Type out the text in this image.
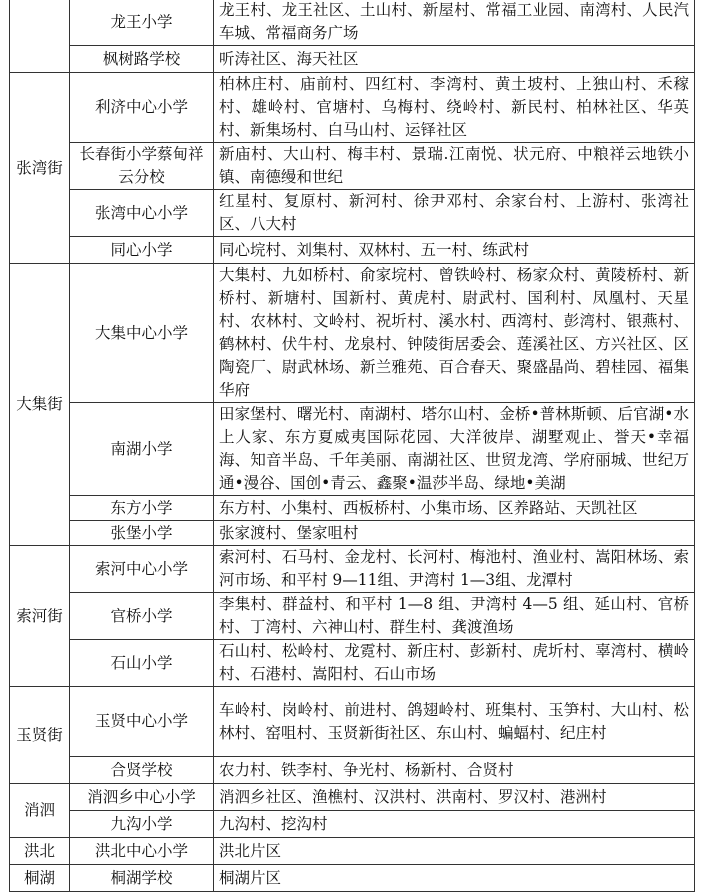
	龙王小学	龙王村、龙王社区、土山村、新屋村、常福工业园、南湾村、人民汽车城、常福商务广场
	枫树路学校	听涛社区、海天社区
张湾街	利济中心小学	柏林庄村、庙前村、四红村、李湾村、黄土坡村、上独山村、禾稼村、雄岭村、官塘村、乌梅村、绕岭村、新民村、柏林社区、华英村、新集场村、白马山村、运铎社区
	长春街小学蔡甸祥云分校	新庙村、大山村、梅丰村、景瑞.江南悦、状元府、中粮祥云地铁小镇、南德缦和世纪
	张湾中心小学	红星村、复原村、新河村、徐尹邓村、余家台村、上游村、张湾社区、八大村
	同心小学	同心垸村、刘集村、双林村、五一村、练武村
大集街	大集中心小学	大集村、九如桥村、俞家垸村、曾铁岭村、杨家众村、黄陵桥村、新桥村、新塘村、国新村、黄虎村、尉武村、国利村、凤凰村、天星村、农林村、文岭村、祝圻村、溪水村、西湾村、彭湾村、银燕村、鹤林村、伏牛村、龙泉村、钟陵街居委会、莲溪社区、方兴社区、区陶瓷厂、尉武林场、新兰雅苑、百合春天、聚盛晶尚、碧桂园、福集华府
	南湖小学	田家堡村、曙光村、南湖村、塔尔山村、金桥•普林斯顿、后官湖•水上人家、东方夏威夷国际花园、大洋彼岸、湖墅观止、誉天•幸福海、知音半岛、千年美丽、南湖社区、世贸龙湾、学府丽城、世纪万通•漫谷、国创•青云、鑫聚•温莎半岛、绿地•美湖
	东方小学	东方村、小集村、西板桥村、小集市场、区养路站、天凯社区
	张堡小学	张家渡村、堡家咀村
索河街	索河中心小学	索河村、石马村、金龙村、长河村、梅池村、渔业村、嵩阳林场、索河市场、和平村 9—11组、尹湾村 1—3组、龙潭村
	官桥小学	李集村、群益村、和平村 1—8 组、尹湾村 4—5 组、延山村、官桥村、丁湾村、六神山村、群生村、龚渡渔场
	石山小学	石山村、松岭村、龙霓村、新庄村、彭新村、虎圻村、辜湾村、横岭村、石港村、嵩阳村、石山市场
玉贤街	玉贤中心小学	车岭村、岗岭村、前进村、鸽翅岭村、班集村、玉笋村、大山村、松林村、窑咀村、玉贤新街社区、东山村、蝙蝠村、纪庄村
	合贤学校	农力村、铁李村、争光村、杨新村、合贤村
消泗	消泗乡中心小学	消泗乡社区、渔樵村、汉洪村、洪南村、罗汉村、港洲村
	九沟小学	九沟村、挖沟村
洪北	洪北中心小学	洪北片区
桐湖	桐湖学校	桐湖片区
